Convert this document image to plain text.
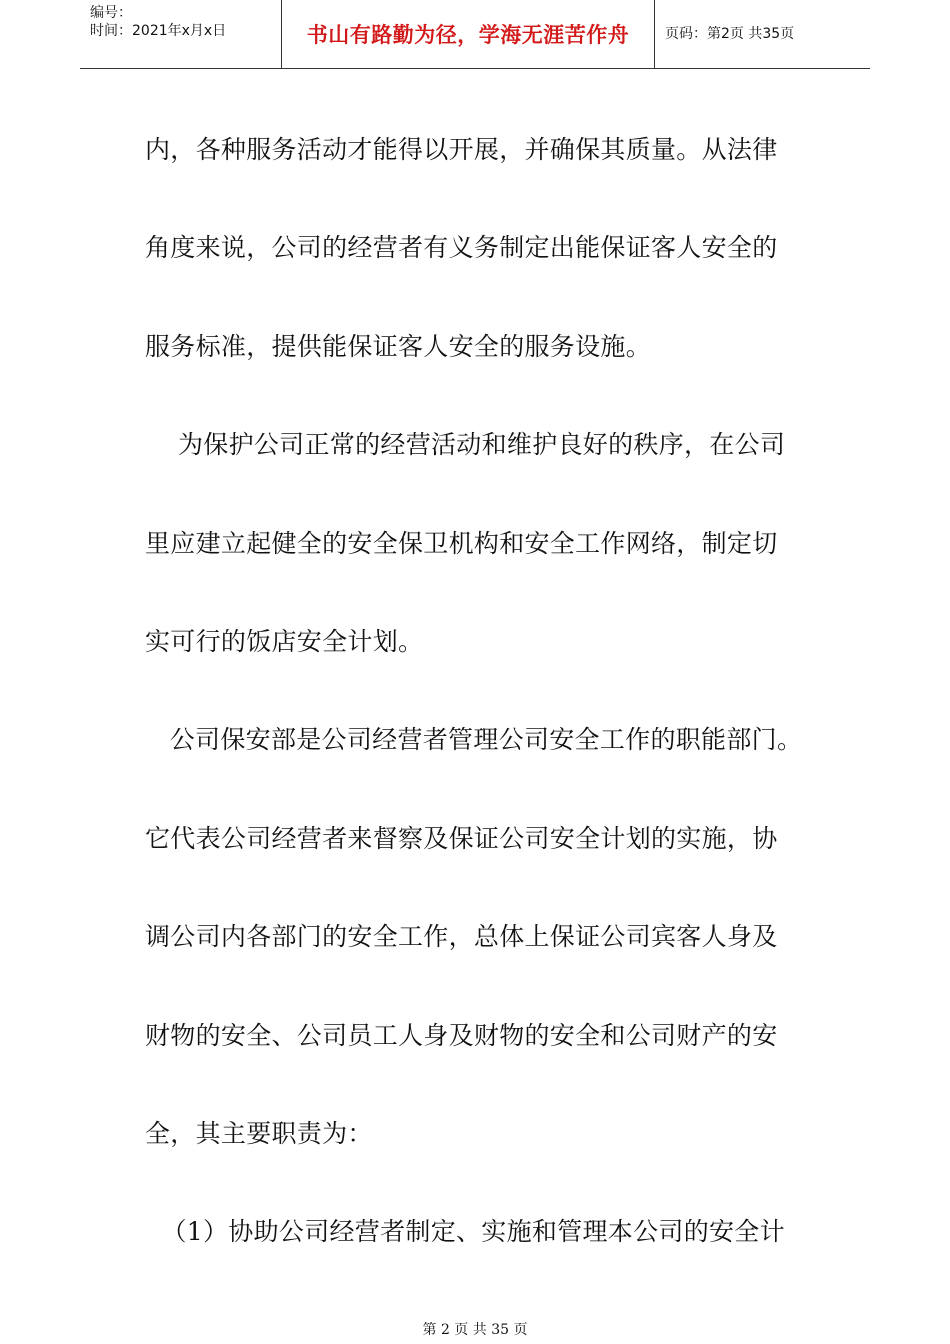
编号：
时间：2021年x月x日	书山有路勤为径，学海无涯苦作舟	页码：第2页 共35页
内，各种服务活动才能得以开展，并确保其质量。从法律
角度来说，公司的经营者有义务制定出能保证客人安全的
服务标准，提供能保证客人安全的服务设施。
为保护公司正常的经营活动和维护良好的秩序，在公司
里应建立起健全的安全保卫机构和安全工作网络，制定切
实可行的饭店安全计划。
公司保安部是公司经营者管理公司安全工作的职能部门。
它代表公司经营者来督察及保证公司安全计划的实施，协
调公司内各部门的安全工作，总体上保证公司宾客人身及
财物的安全、公司员工人身及财物的安全和公司财产的安
全，其主要职责为：
（1）协助公司经营者制定、实施和管理本公司的安全计
第 2 页 共 35 页
